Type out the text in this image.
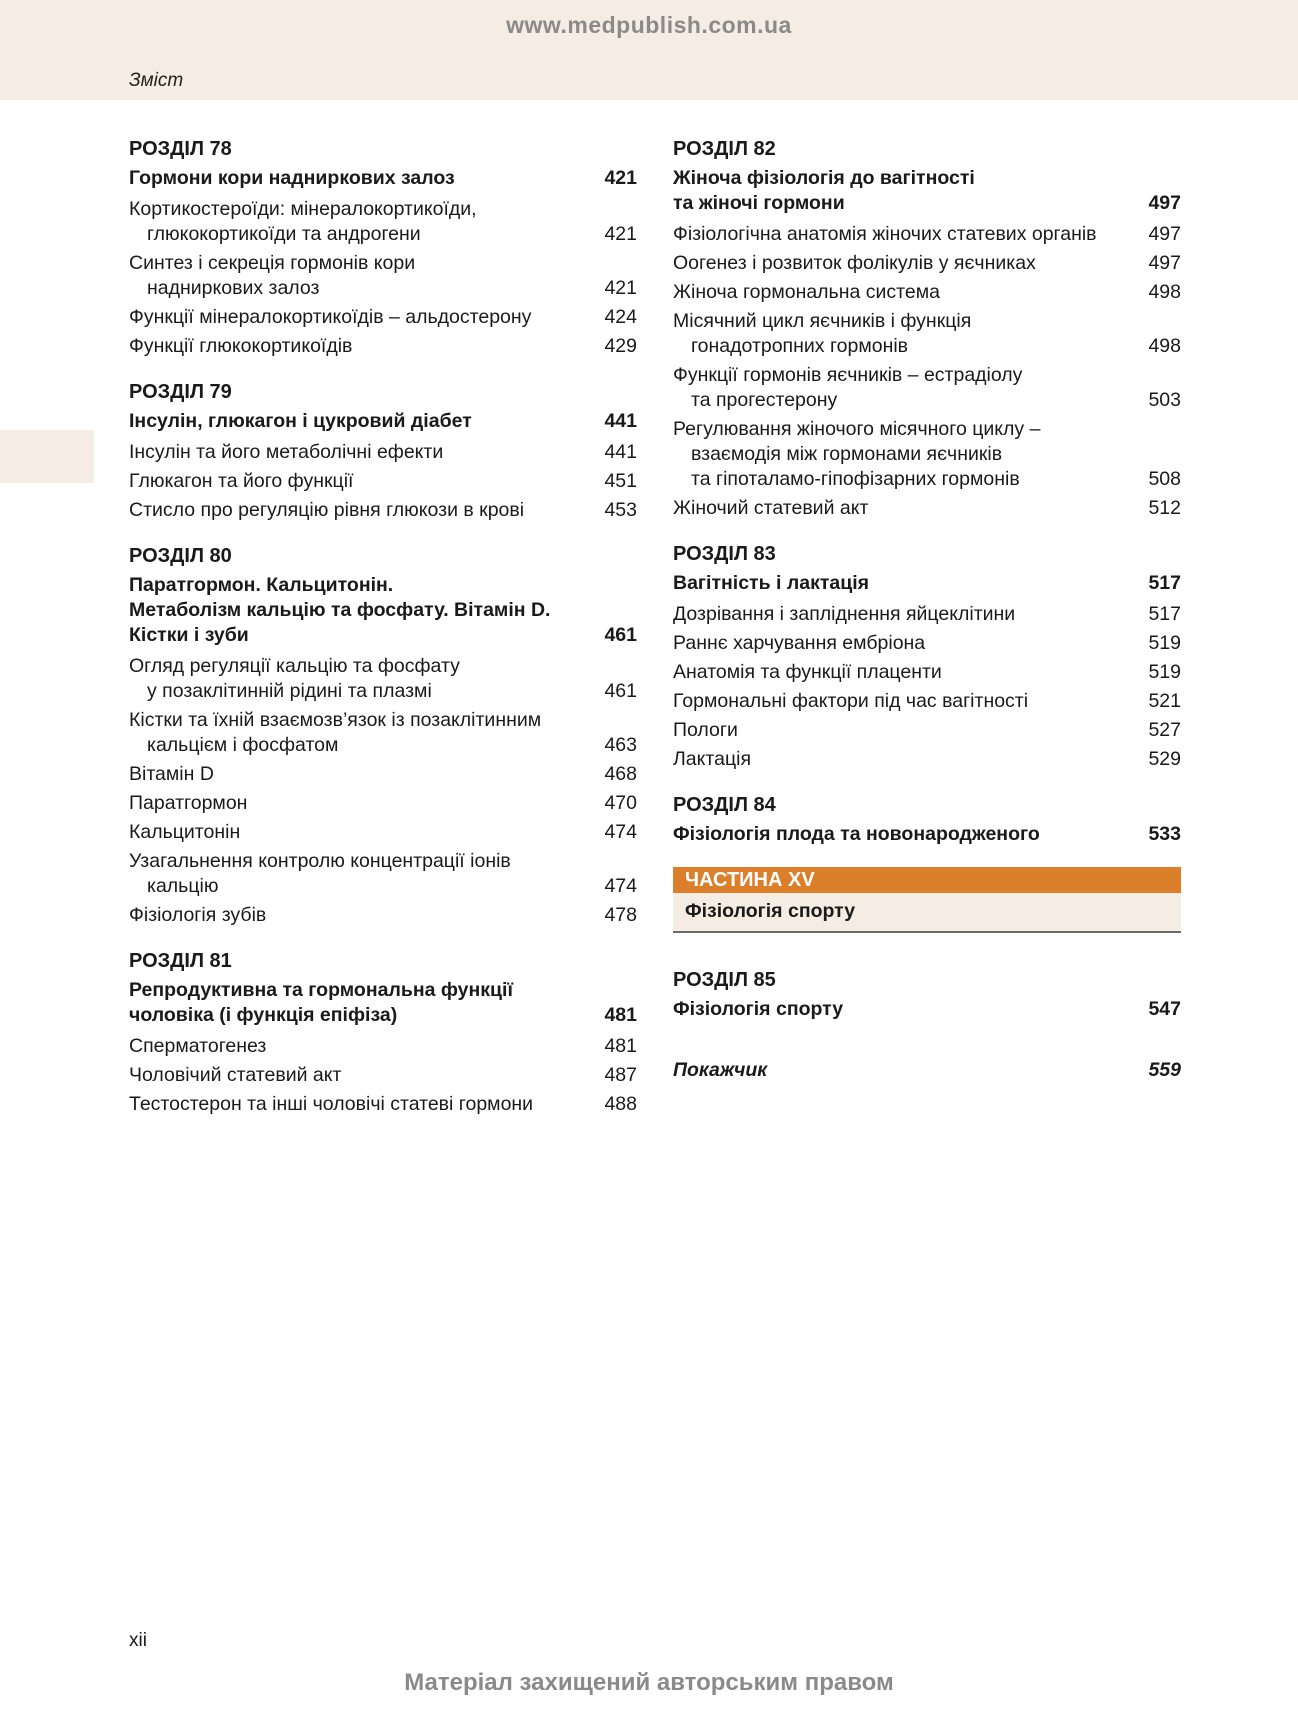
www.medpublish.com.ua
Зміст
РОЗДІЛ 78
Гормони кори надниркових залоз	421
Кортикостероїди: мінералокортикоїди,
глюкокортикоїди та андрогени	421
Синтез і секреція гормонів кори
надниркових залоз	421
Функції мінералокортикоїдів – альдостерону	424
Функції глюкокортикоїдів	429
РОЗДІЛ 79
Інсулін, глюкагон і цукровий діабет	441
Інсулін та його метаболічні ефекти	441
Глюкагон та його функції	451
Стисло про регуляцію рівня глюкози в крові	453
РОЗДІЛ 80
Паратгормон. Кальцитонін.
Метаболізм кальцію та фосфату. Вітамін D.
Кістки і зуби	461
Огляд регуляції кальцію та фосфату
у позаклітинній рідині та плазмі	461
Кістки та їхній взаємозв’язок із позаклітинним
кальцієм і фосфатом	463
Вітамін D	468
Паратгормон	470
Кальцитонін	474
Узагальнення контролю концентрації іонів кальцію	474
Фізіологія зубів	478
РОЗДІЛ 81
Репродуктивна та гормональна функції
чоловіка (і функція епіфіза)	481
Сперматогенез	481
Чоловічий статевий акт	487
Тестостерон та інші чоловічі статеві гормони	488
РОЗДІЛ 82
Жіноча фізіологія до вагітності
та жіночі гормони	497
Фізіологічна анатомія жіночих статевих органів	497
Оогенез і розвиток фолікулів у яєчниках	497
Жіноча гормональна система	498
Місячний цикл яєчників і функція
гонадотропних гормонів	498
Функції гормонів яєчників – естрадіолу
та прогестерону	503
Регулювання жіночого місячного циклу –
взаємодія між гормонами яєчників
та гіпоталамо-гіпофізарних гормонів	508
Жіночий статевий акт	512
РОЗДІЛ 83
Вагітність і лактація	517
Дозрівання і запліднення яйцеклітини	517
Раннє харчування ембріона	519
Анатомія та функції плаценти	519
Гормональні фактори під час вагітності	521
Пологи	527
Лактація	529
РОЗДІЛ 84
Фізіологія плода та новонародженого	533
ЧАСТИНА XV
Фізіологія спорту
РОЗДІЛ 85
Фізіологія спорту	547
Покажчик	559
xii
Матеріал захищений авторським правом
